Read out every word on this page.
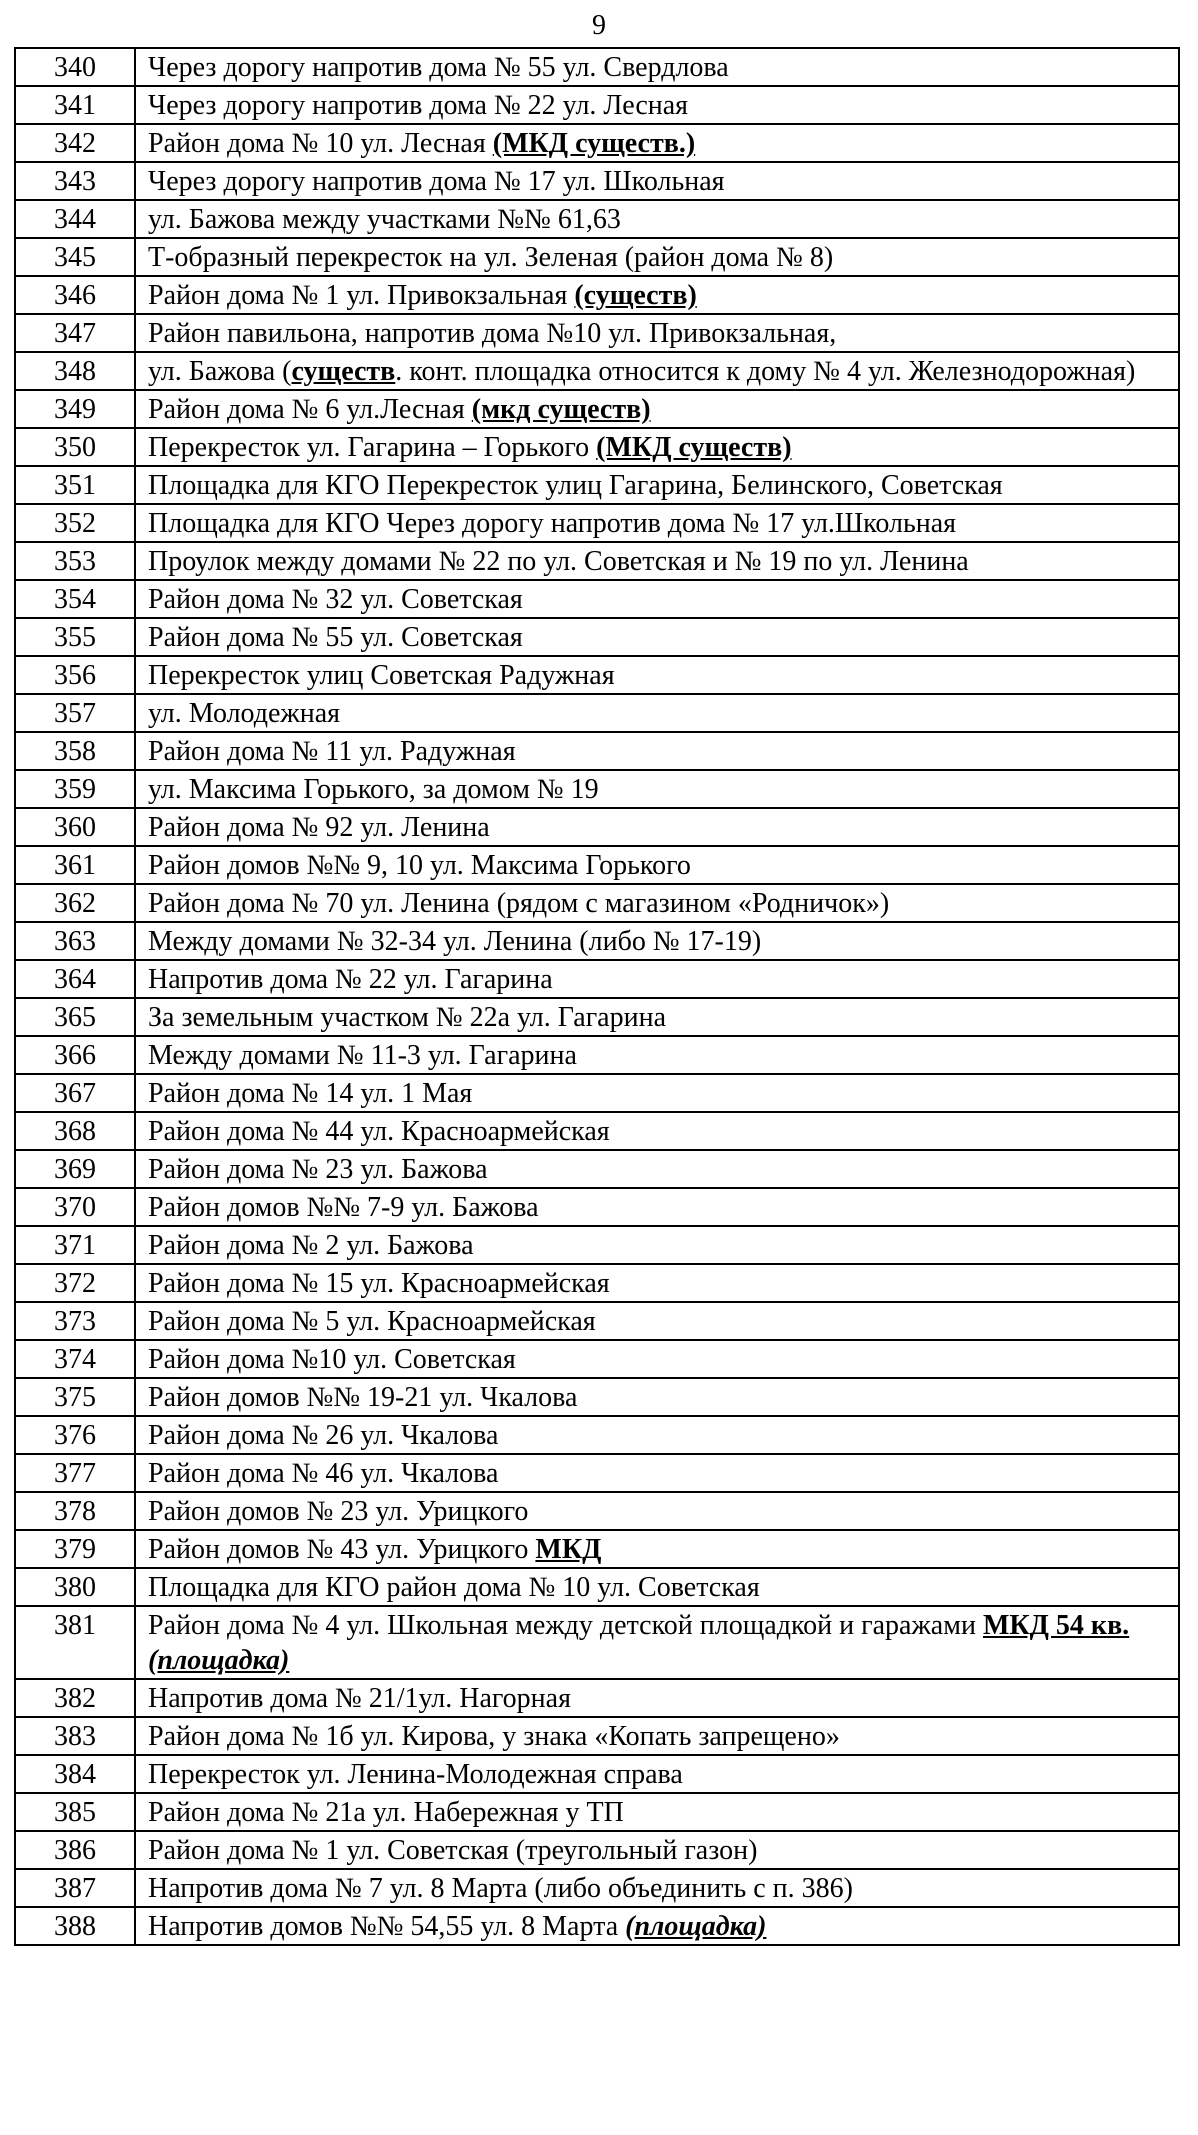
9
340	Через дорогу напротив дома № 55 ул. Свердлова
341	Через дорогу напротив дома № 22 ул. Лесная
342	Район дома № 10 ул. Лесная (МКД существ.)
343	Через дорогу напротив дома № 17 ул. Школьная
344	ул. Бажова между участками №№ 61,63
345	Т-образный перекресток на ул. Зеленая (район дома № 8)
346	Район дома № 1 ул. Привокзальная (существ)
347	Район павильона, напротив дома №10 ул. Привокзальная,
348	ул. Бажова (существ. конт. площадка относится к дому № 4 ул. Железнодорожная)
349	Район дома № 6 ул.Лесная (мкд существ)
350	Перекресток ул. Гагарина – Горького (МКД существ)
351	Площадка для КГО Перекресток улиц Гагарина, Белинского, Советская
352	Площадка для КГО Через дорогу напротив дома № 17 ул.Школьная
353	Проулок между домами № 22 по ул. Советская и № 19 по ул. Ленина
354	Район дома № 32 ул. Советская
355	Район дома № 55 ул. Советская
356	Перекресток улиц Советская Радужная
357	ул. Молодежная
358	Район дома № 11 ул. Радужная
359	ул. Максима Горького, за домом № 19
360	Район дома № 92 ул. Ленина
361	Район домов №№ 9, 10 ул. Максима Горького
362	Район дома № 70 ул. Ленина (рядом с магазином «Родничок»)
363	Между домами № 32-34 ул. Ленина (либо № 17-19)
364	Напротив дома № 22 ул. Гагарина
365	За земельным участком № 22а ул. Гагарина
366	Между домами № 11-3 ул. Гагарина
367	Район дома № 14 ул. 1 Мая
368	Район дома № 44 ул. Красноармейская
369	Район дома № 23 ул. Бажова
370	Район домов №№ 7-9 ул. Бажова
371	Район дома № 2 ул. Бажова
372	Район дома № 15 ул. Красноармейская
373	Район дома № 5 ул. Красноармейская
374	Район дома №10 ул. Советская
375	Район домов №№ 19-21 ул. Чкалова
376	Район дома № 26 ул. Чкалова
377	Район дома № 46 ул. Чкалова
378	Район домов № 23 ул. Урицкого
379	Район домов № 43 ул. Урицкого МКД
380	Площадка для КГО район дома № 10 ул. Советская
381	Район дома № 4 ул. Школьная между детской площадкой и гаражами МКД 54 кв. (площадка)
382	Напротив дома № 21/1ул. Нагорная
383	Район дома № 1б ул. Кирова, у знака «Копать запрещено»
384	Перекресток ул. Ленина-Молодежная справа
385	Район дома № 21а ул. Набережная у ТП
386	Район дома № 1 ул. Советская (треугольный газон)
387	Напротив дома № 7 ул. 8 Марта (либо объединить с п. 386)
388	Напротив домов №№ 54,55 ул. 8 Марта (площадка)
